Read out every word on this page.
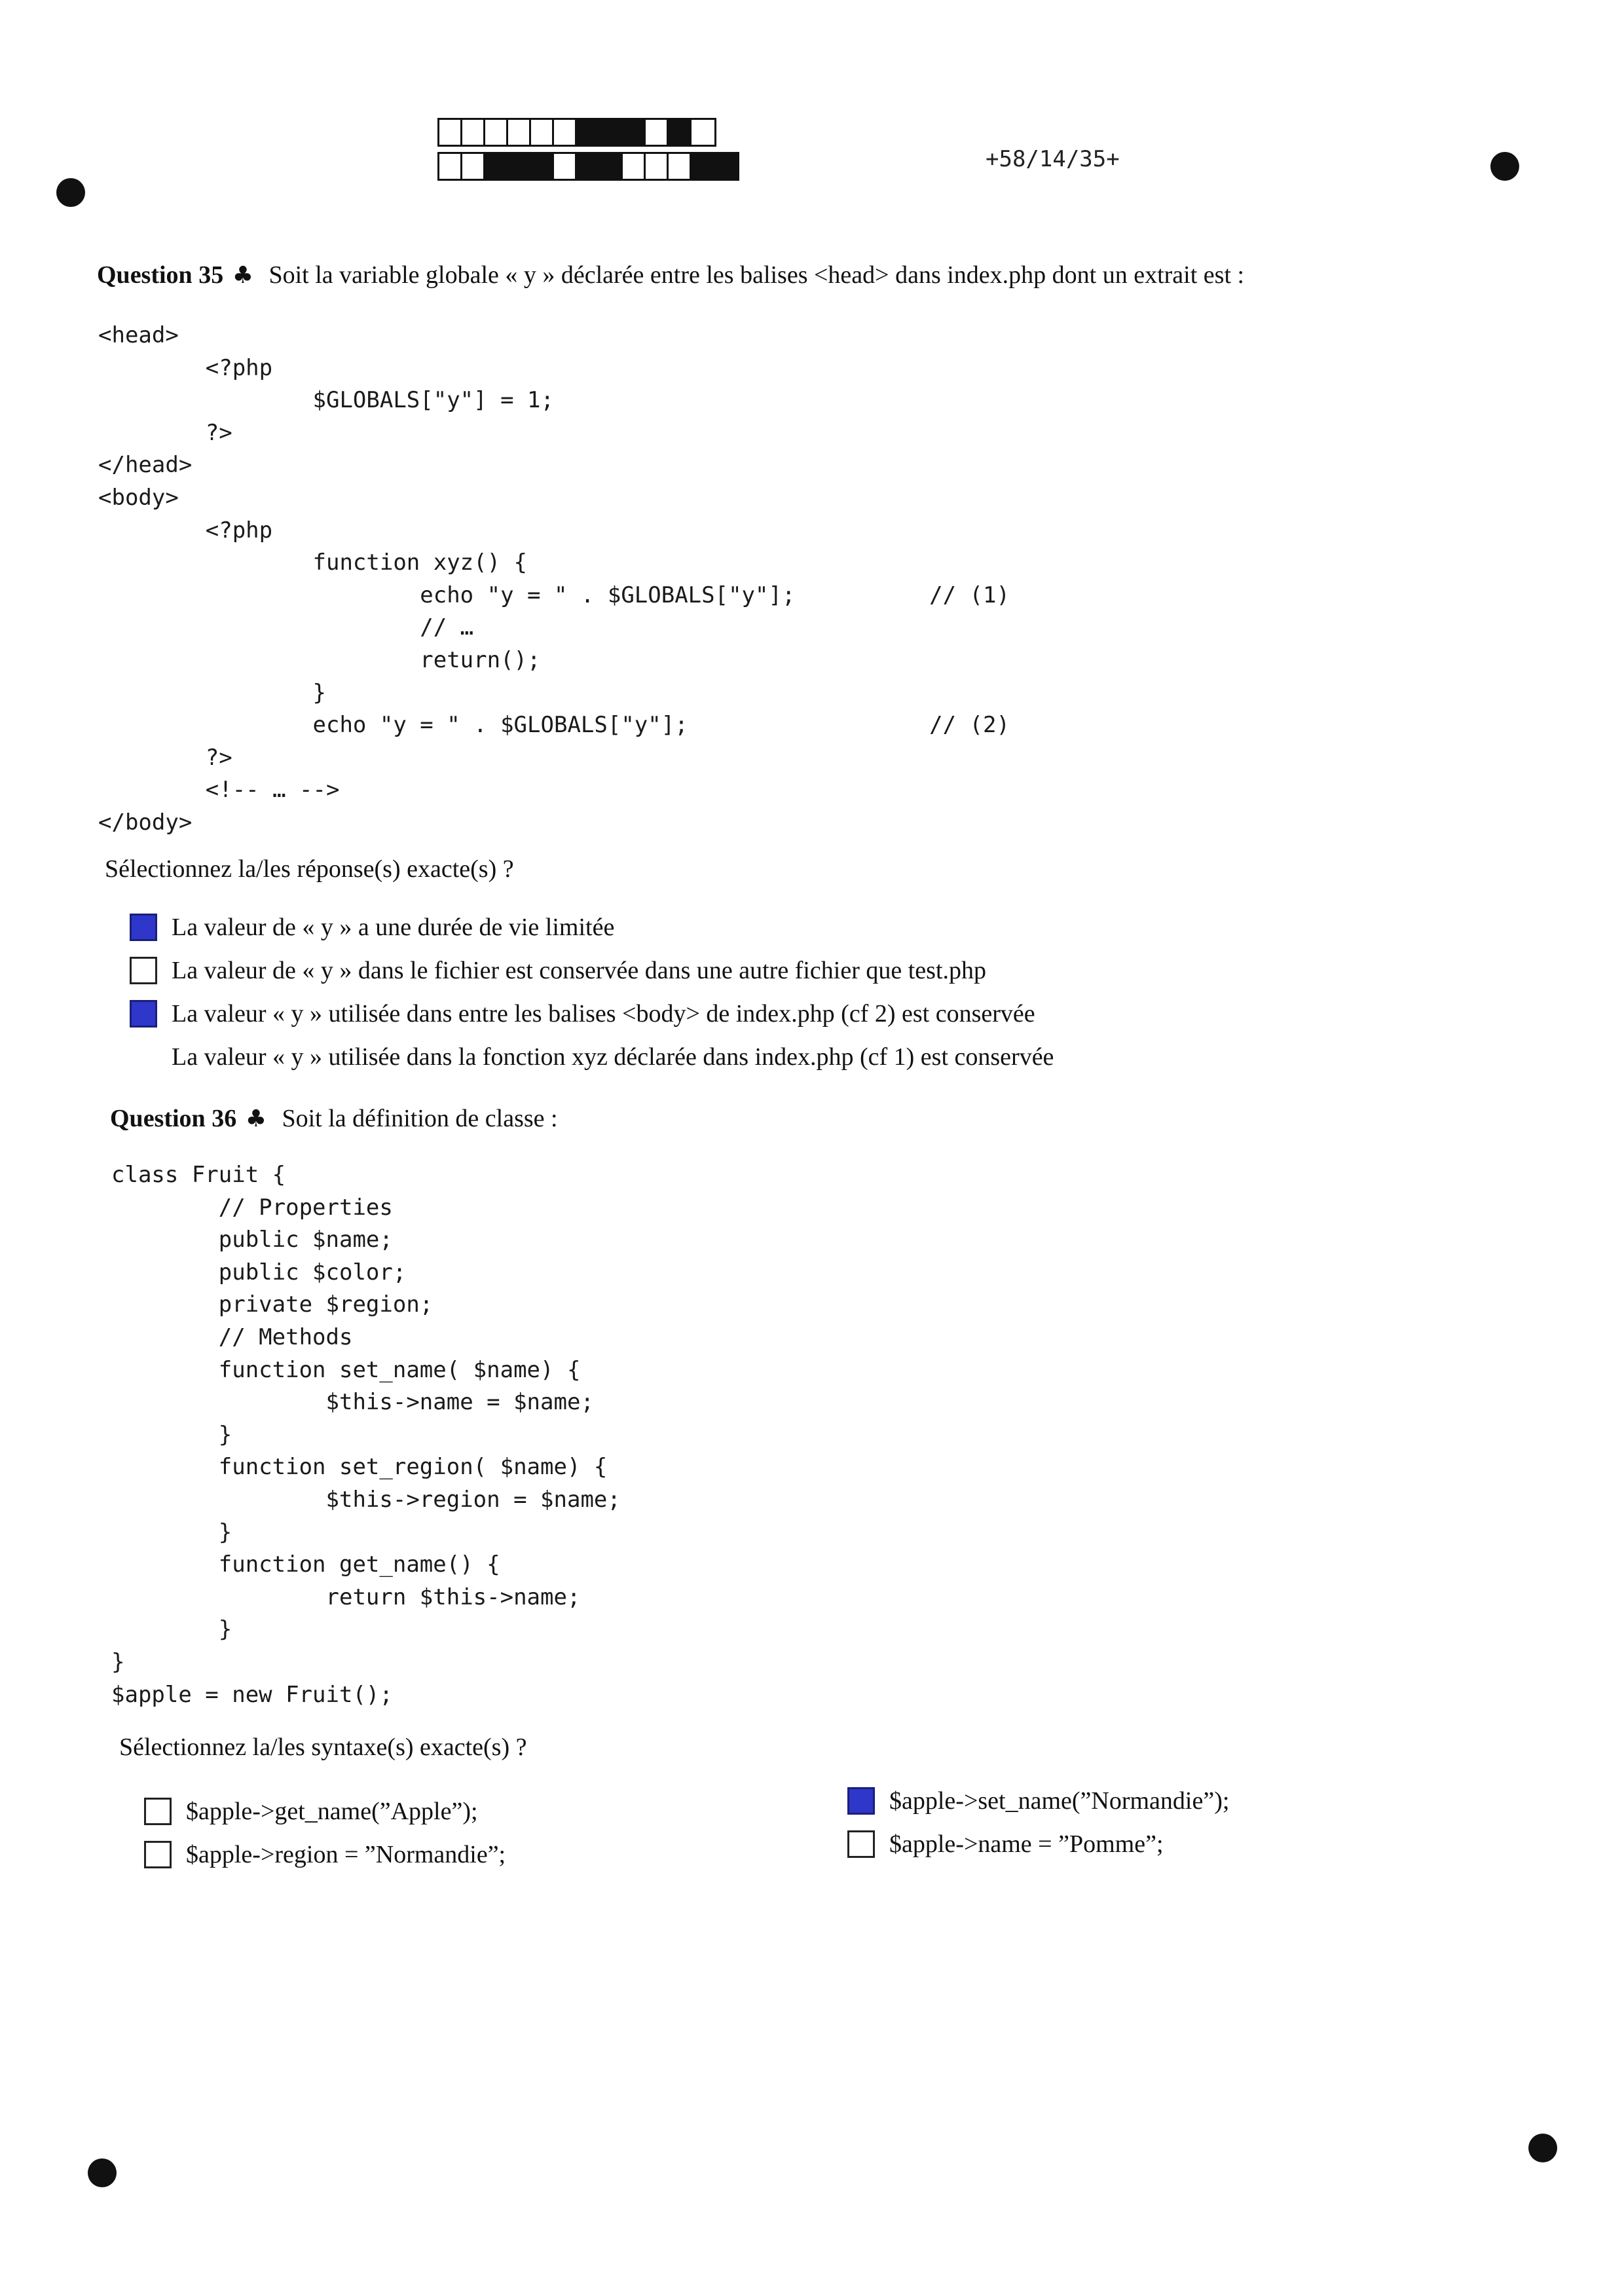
+58/14/35+
Question 35 ♣ Soit la variable globale « y » déclarée entre les balises <head> dans index.php dont un extrait est :
<head>
<?php
$GLOBALS["y"] = 1;
?>
</head>
<body>
<?php
function xyz() {
echo "y = " . $GLOBALS["y"];          // (1)
// …
return();
}
echo "y = " . $GLOBALS["y"];                  // (2)
?>
<!-- … -->
</body>
Sélectionnez la/les réponse(s) exacte(s) ?
La valeur de « y » a une durée de vie limitée
La valeur de « y » dans le fichier est conservée dans une autre fichier que test.php
La valeur « y » utilisée dans entre les balises <body> de index.php (cf 2) est conservée
La valeur « y » utilisée dans la fonction xyz déclarée dans index.php (cf 1) est conservée
Question 36 ♣ Soit la définition de classe :
class Fruit {
// Properties
public $name;
public $color;
private $region;
// Methods
function set_name( $name) {
$this->name = $name;
}
function set_region( $name) {
$this->region = $name;
}
function get_name() {
return $this->name;
}
}
$apple = new Fruit();
Sélectionnez la/les syntaxe(s) exacte(s) ?
$apple->get_name(”Apple”);
$apple->region = ”Normandie”;
$apple->set_name(”Normandie”);
$apple->name = ”Pomme”;
